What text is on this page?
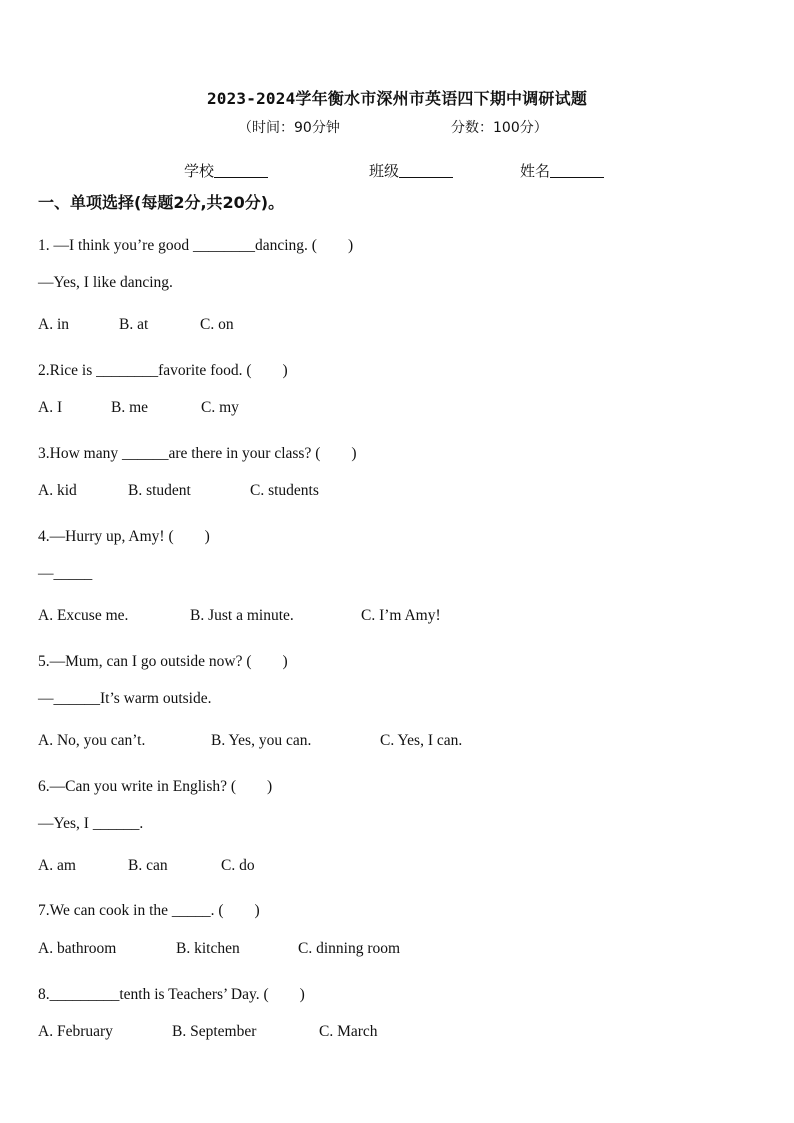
2023-2024学年衡水市深州市英语四下期中调研试题
（时间：90分钟	分数：100分）
学校	班级	姓名
一、单项选择(每题2分,共20分)。
1. —I think you’re good ________dancing. (　　)
—Yes, I like dancing.
A. in	B. at	C. on
2.Rice is ________favorite food. (　　)
A. I	B. me	C. my
3.How many ______are there in your class? (　　)
A. kid	B. student	C. students
4.—Hurry up, Amy! (　　)
—_____
A. Excuse me.	B. Just a minute.	C. I’m Amy!
5.—Mum, can I go outside now? (　　)
—______It’s warm outside.
A. No, you can’t.	B. Yes, you can.	C. Yes, I can.
6.—Can you write in English? (　　)
—Yes, I ______.
A. am	B. can	C. do
7.We can cook in the _____. (　　)
A. bathroom	B. kitchen	C. dinning room
8._________tenth is Teachers’ Day. (　　)
A. February	B. September	C. March
